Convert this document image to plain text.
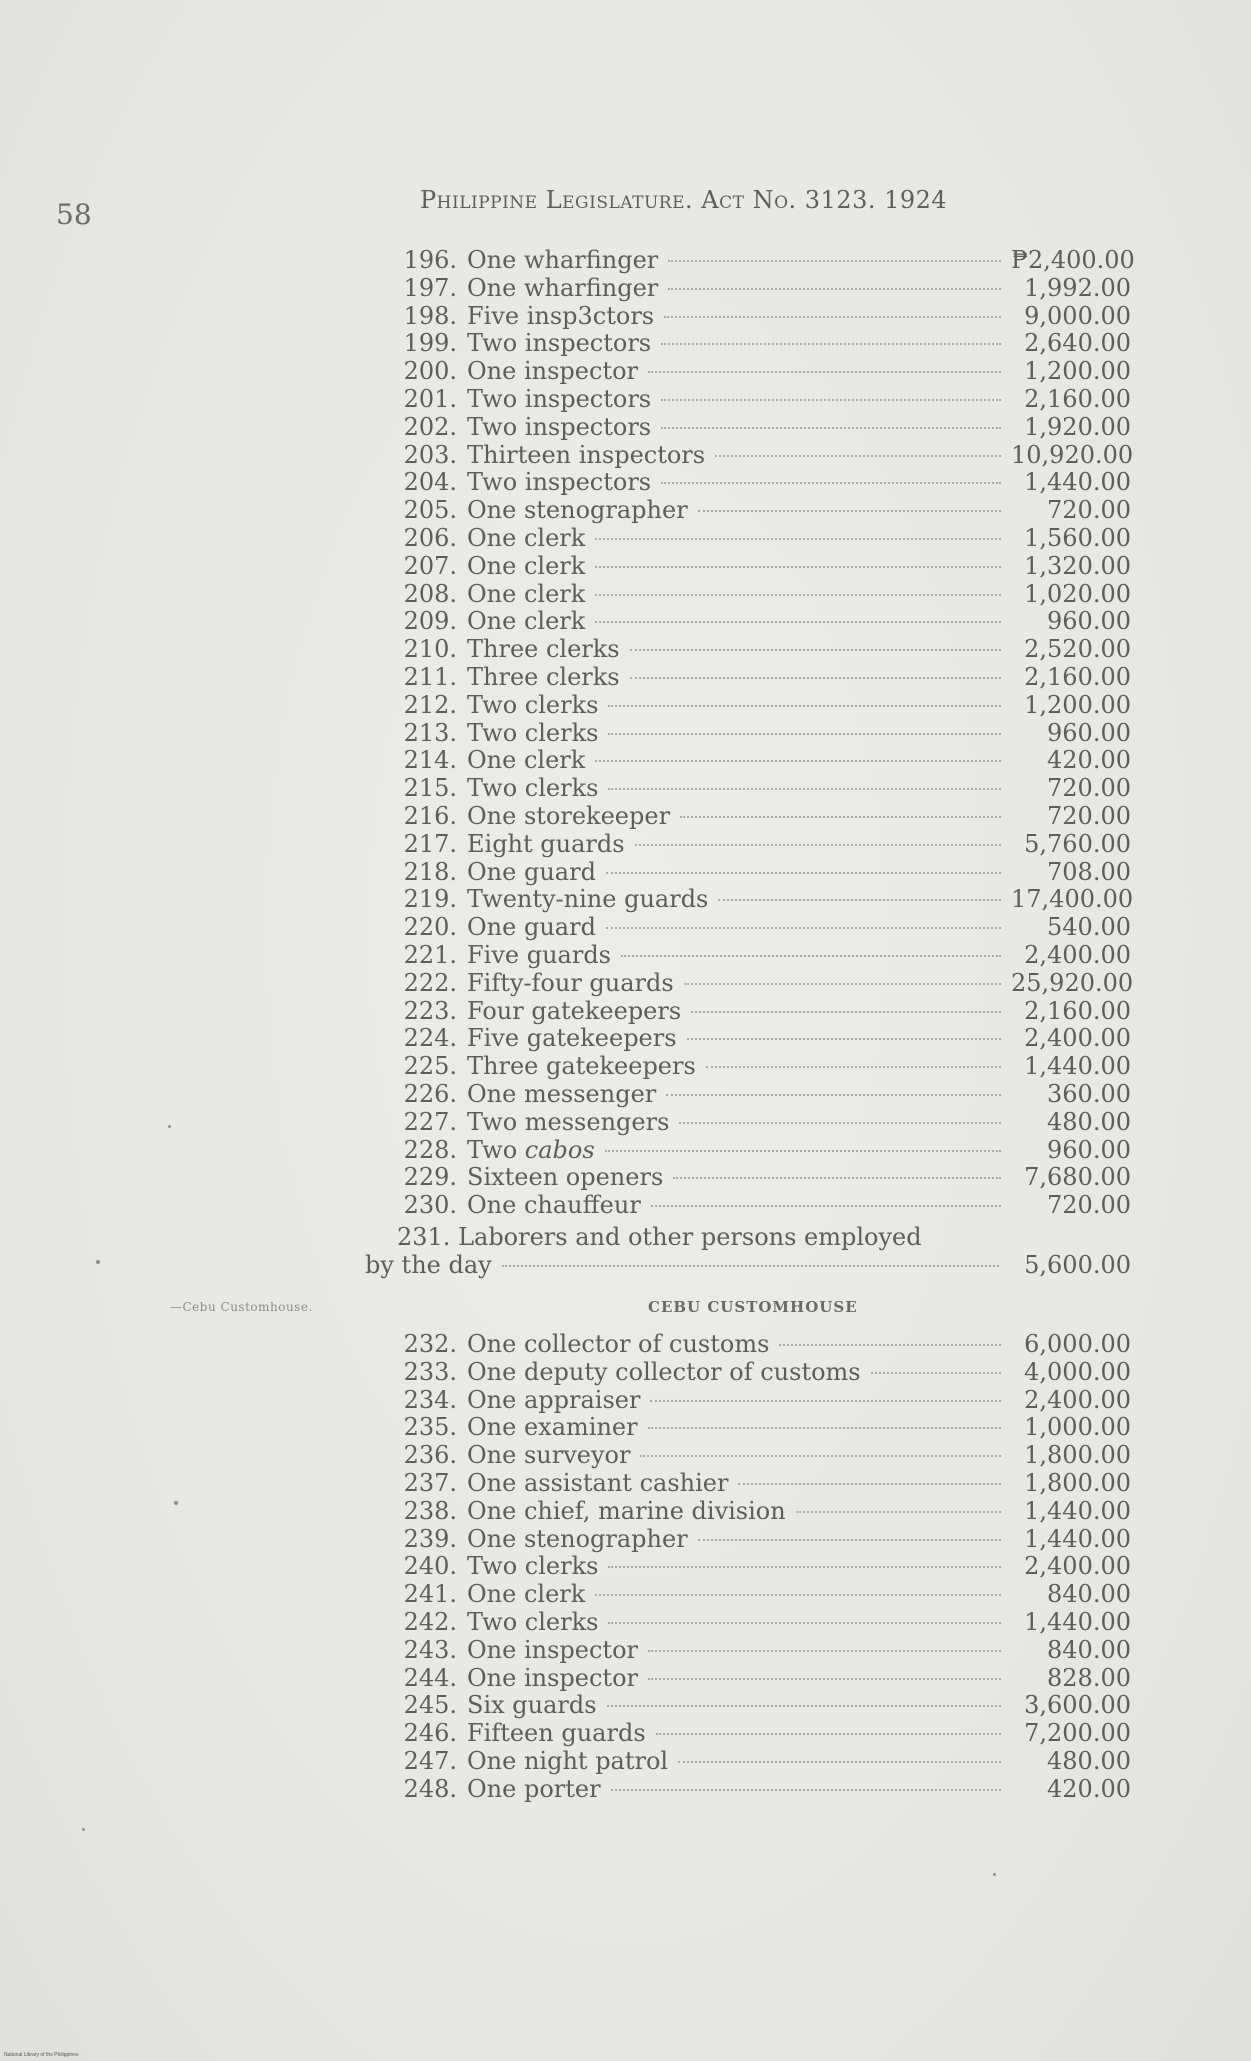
58	Philippine Legislature. Act No. 3123. 1924
196. One wharfinger	₱2,400.00
197. One wharfinger	1,992.00
198. Five insp3ctors	9,000.00
199. Two inspectors	2,640.00
200. One inspector	1,200.00
201. Two inspectors	2,160.00
202. Two inspectors	1,920.00
203. Thirteen inspectors	10,920.00
204. Two inspectors	1,440.00
205. One stenographer	720.00
206. One clerk	1,560.00
207. One clerk	1,320.00
208. One clerk	1,020.00
209. One clerk	960.00
210. Three clerks	2,520.00
211. Three clerks	2,160.00
212. Two clerks	1,200.00
213. Two clerks	960.00
214. One clerk	420.00
215. Two clerks	720.00
216. One storekeeper	720.00
217. Eight guards	5,760.00
218. One guard	708.00
219. Twenty-nine guards	17,400.00
220. One guard	540.00
221. Five guards	2,400.00
222. Fifty-four guards	25,920.00
223. Four gatekeepers	2,160.00
224. Five gatekeepers	2,400.00
225. Three gatekeepers	1,440.00
226. One messenger	360.00
227. Two messengers	480.00
228. Two cabos	960.00
229. Sixteen openers	7,680.00
230. One chauffeur	720.00
231. Laborers and other persons employed
by the day	5,600.00
—Cebu Customhouse.	CEBU CUSTOMHOUSE
232. One collector of customs	6,000.00
233. One deputy collector of customs	4,000.00
234. One appraiser	2,400.00
235. One examiner	1,000.00
236. One surveyor	1,800.00
237. One assistant cashier	1,800.00
238. One chief, marine division	1,440.00
239. One stenographer	1,440.00
240. Two clerks	2,400.00
241. One clerk	840.00
242. Two clerks	1,440.00
243. One inspector	840.00
244. One inspector	828.00
245. Six guards	3,600.00
246. Fifteen guards	7,200.00
247. One night patrol	480.00
248. One porter	420.00
National Library of the Philippines
